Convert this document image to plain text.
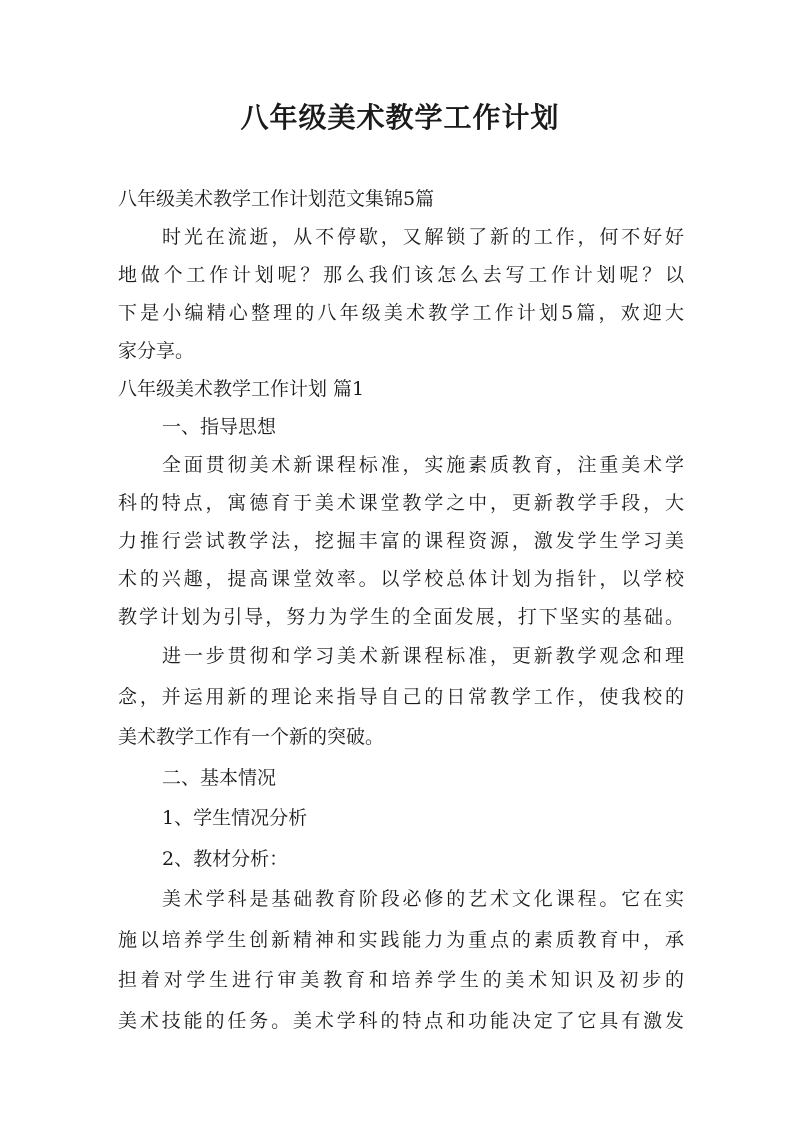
八年级美术教学工作计划

八年级美术教学工作计划范文集锦5篇

时光在流逝，从不停歇，又解锁了新的工作，何不好好

地做个工作计划呢？那么我们该怎么去写工作计划呢？以

下是小编精心整理的八年级美术教学工作计划5篇，欢迎大

家分享。

八年级美术教学工作计划 篇1

一、指导思想

全面贯彻美术新课程标准，实施素质教育，注重美术学

科的特点，寓德育于美术课堂教学之中，更新教学手段，大

力推行尝试教学法，挖掘丰富的课程资源，激发学生学习美

术的兴趣，提高课堂效率。以学校总体计划为指针，以学校

教学计划为引导，努力为学生的全面发展，打下坚实的基础。

进一步贯彻和学习美术新课程标准，更新教学观念和理

念，并运用新的理论来指导自己的日常教学工作，使我校的

美术教学工作有一个新的突破。

二、基本情况

1、学生情况分析

2、教材分析：

美术学科是基础教育阶段必修的艺术文化课程。它在实

施以培养学生创新精神和实践能力为重点的素质教育中，承

担着对学生进行审美教育和培养学生的美术知识及初步的

美术技能的任务。美术学科的特点和功能决定了它具有激发
